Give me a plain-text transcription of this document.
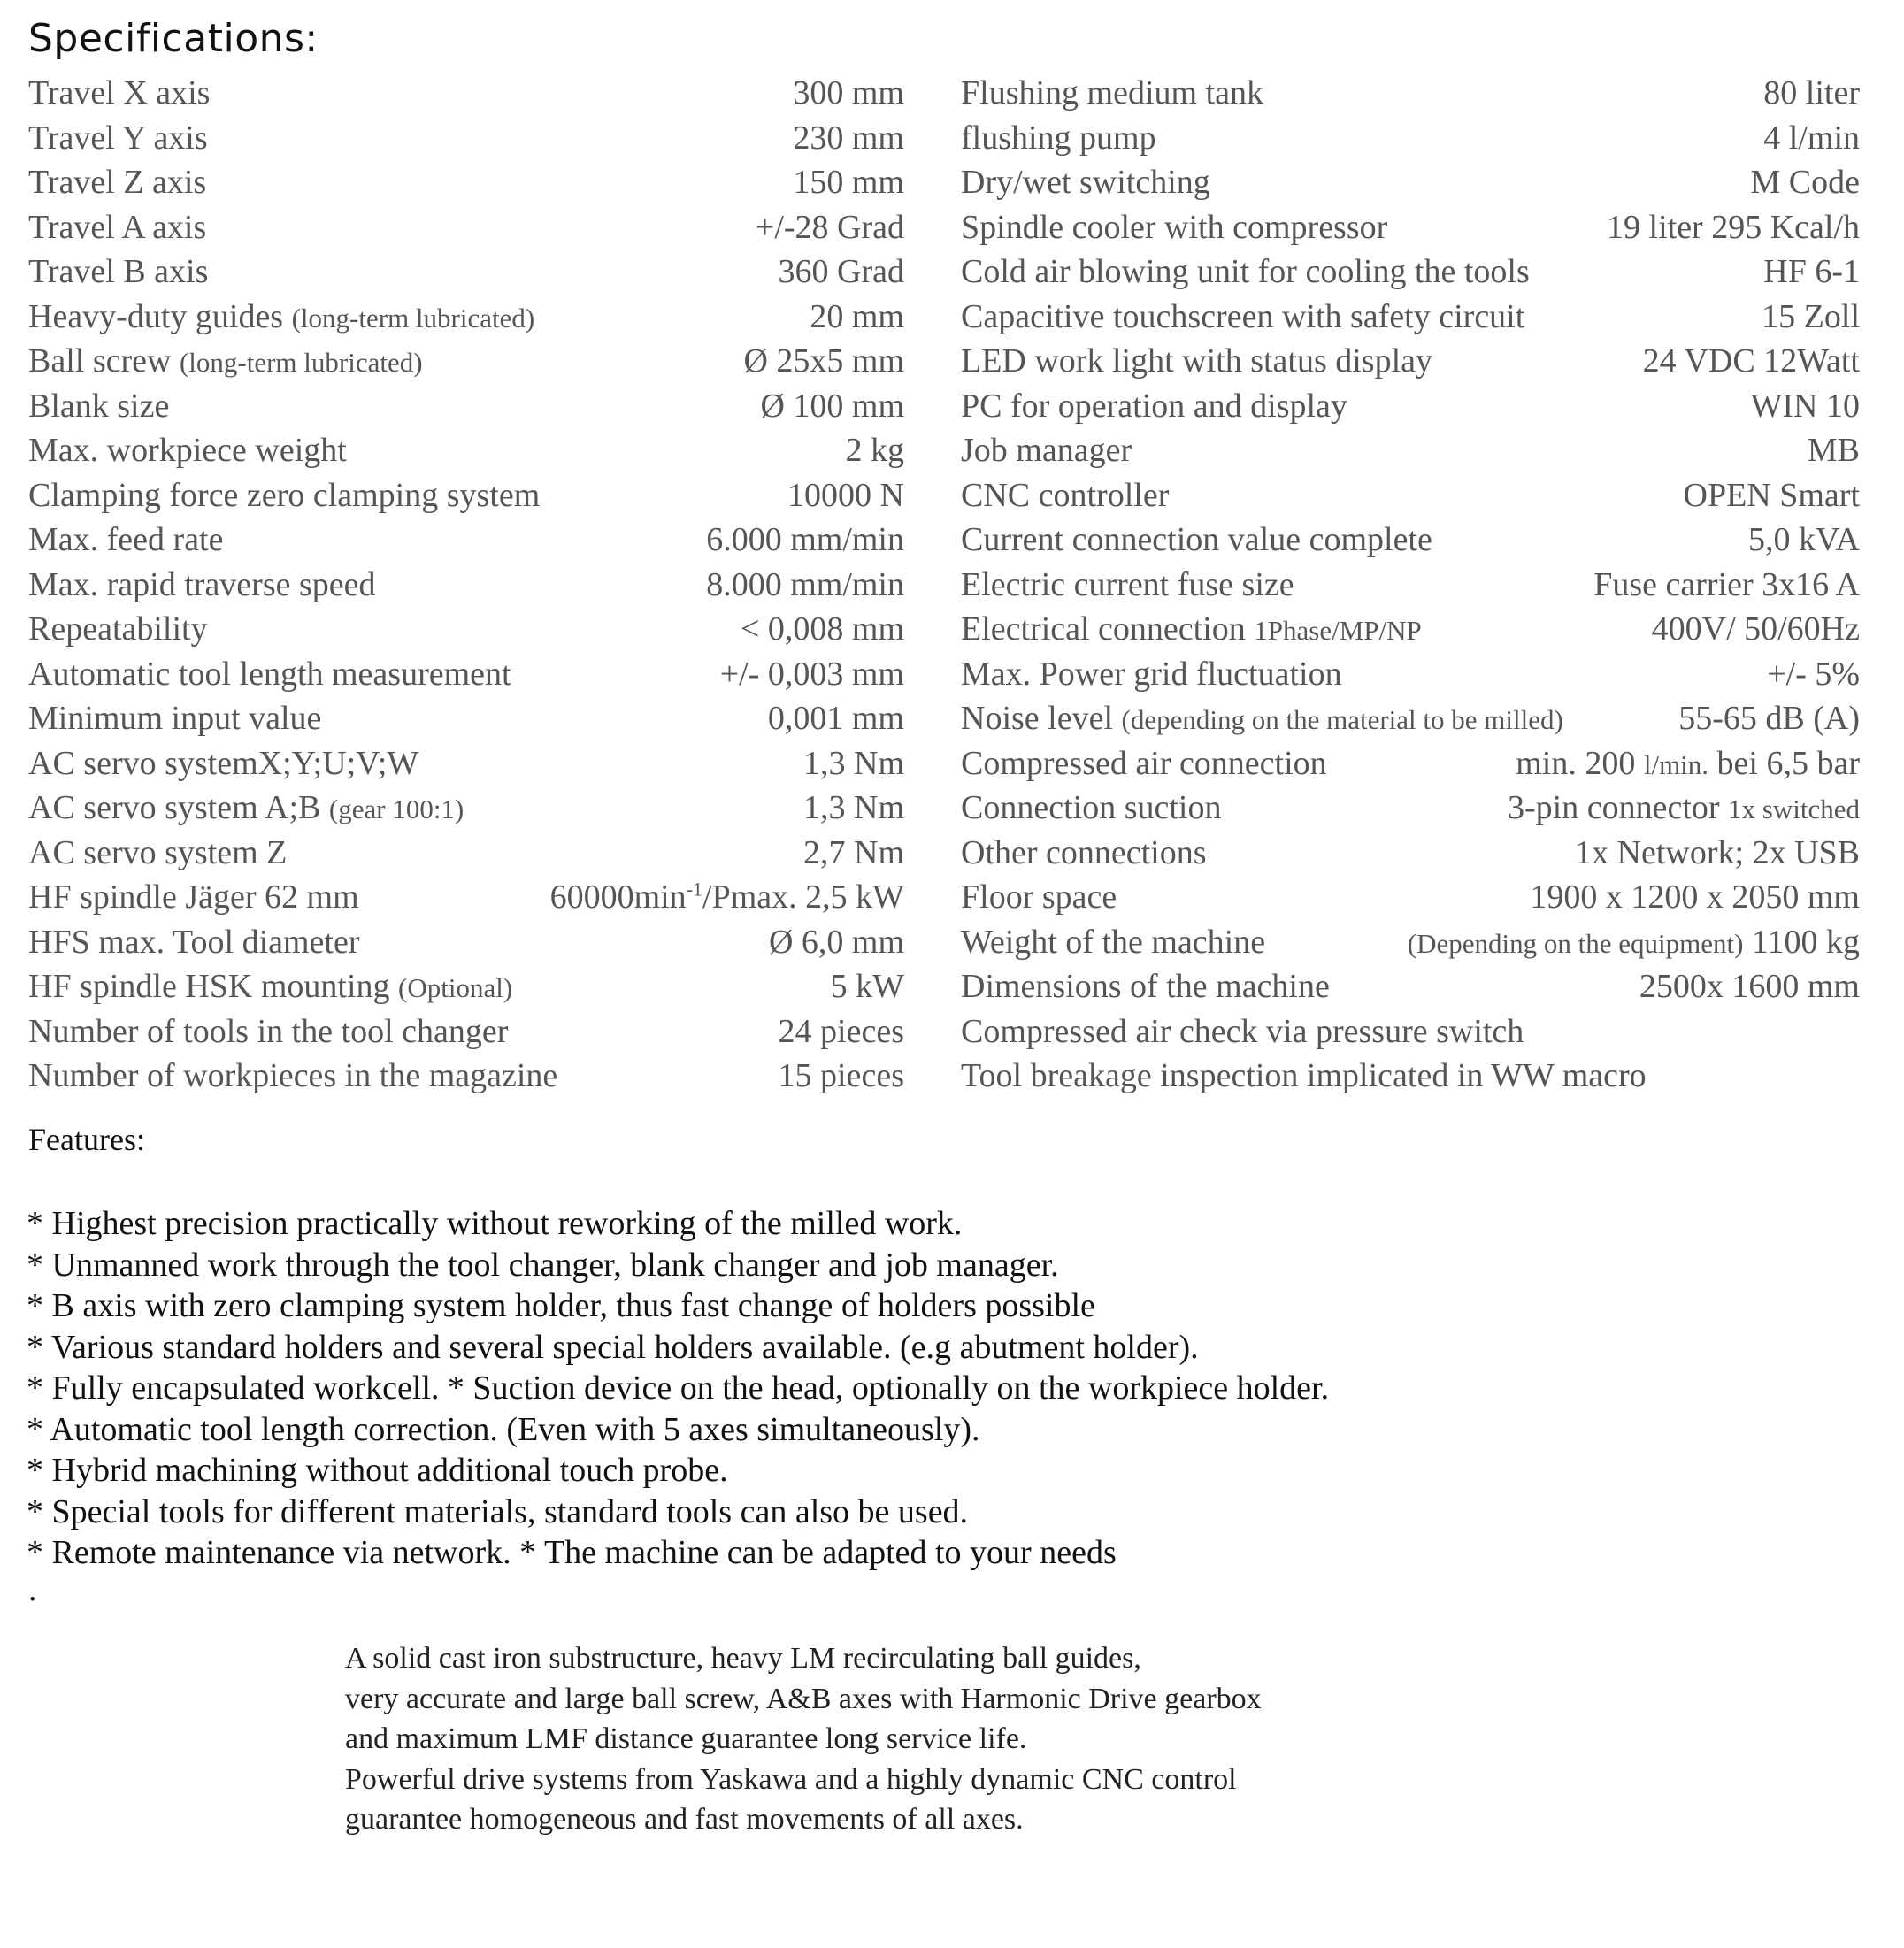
Specifications:
Travel X axis	300 mm
Travel Y axis	230 mm
Travel Z axis	150 mm
Travel A axis	+/-28 Grad
Travel B axis	360 Grad
Heavy-duty guides (long-term lubricated)	20 mm
Ball screw (long-term lubricated)	Ø 25x5 mm
Blank size	Ø 100 mm
Max. workpiece weight	2 kg
Clamping force zero clamping system	10000 N
Max. feed rate	6.000 mm/min
Max. rapid traverse speed	8.000 mm/min
Repeatability	< 0,008 mm
Automatic tool length measurement	+/- 0,003 mm
Minimum input value	0,001 mm
AC servo systemX;Y;U;V;W	1,3 Nm
AC servo system A;B (gear 100:1)	1,3 Nm
AC servo system Z	2,7 Nm
HF spindle Jäger 62 mm	$60000\min^{-1}$/Pmax. 2,5 kW
HFS max. Tool diameter	Ø 6,0 mm
HF spindle HSK mounting (Optional)	5 kW
Number of tools in the tool changer	24 pieces
Number of workpieces in the magazine	15 pieces
Flushing medium tank	80 liter
flushing pump	4 l/min
Dry/wet switching	M Code
Spindle cooler with compressor	19 liter 295 Kcal/h
Cold air blowing unit for cooling the tools	HF 6-1
Capacitive touchscreen with safety circuit	15 Zoll
LED work light with status display	24 VDC 12Watt
PC for operation and display	WIN 10
Job manager	MB
CNC controller	OPEN Smart
Current connection value complete	5,0 kVA
Electric current fuse size	Fuse carrier 3x16 A
Electrical connection 1Phase/MP/NP	400V/ 50/60Hz
Max. Power grid fluctuation	+/- 5%
Noise level (depending on the material to be milled)	55-65 dB (A)
Compressed air connection	min. 200 l/min. bei 6,5 bar
Connection suction	3-pin connector 1x switched
Other connections	1x Network; 2x USB
Floor space	1900 x 1200 x 2050 mm
Weight of the machine	(Depending on the equipment) 1100 kg
Dimensions of the machine	2500x 1600 mm
Compressed air check via pressure switch
Tool breakage inspection implicated in WW macro
Features:
* Highest precision practically without reworking of the milled work.
* Unmanned work through the tool changer, blank changer and job manager.
* B axis with zero clamping system holder, thus fast change of holders possible
* Various standard holders and several special holders available. (e.g abutment holder).
* Fully encapsulated workcell. * Suction device on the head, optionally on the workpiece holder.
* Automatic tool length correction. (Even with 5 axes simultaneously).
* Hybrid machining without additional touch probe.
* Special tools for different materials, standard tools can also be used.
* Remote maintenance via network. * The machine can be adapted to your needs
.
A solid cast iron substructure, heavy LM recirculating ball guides,
very accurate and large ball screw, A&B axes with Harmonic Drive gearbox
and maximum LMF distance guarantee long service life.
Powerful drive systems from Yaskawa and a highly dynamic CNC control
guarantee homogeneous and fast movements of all axes.
